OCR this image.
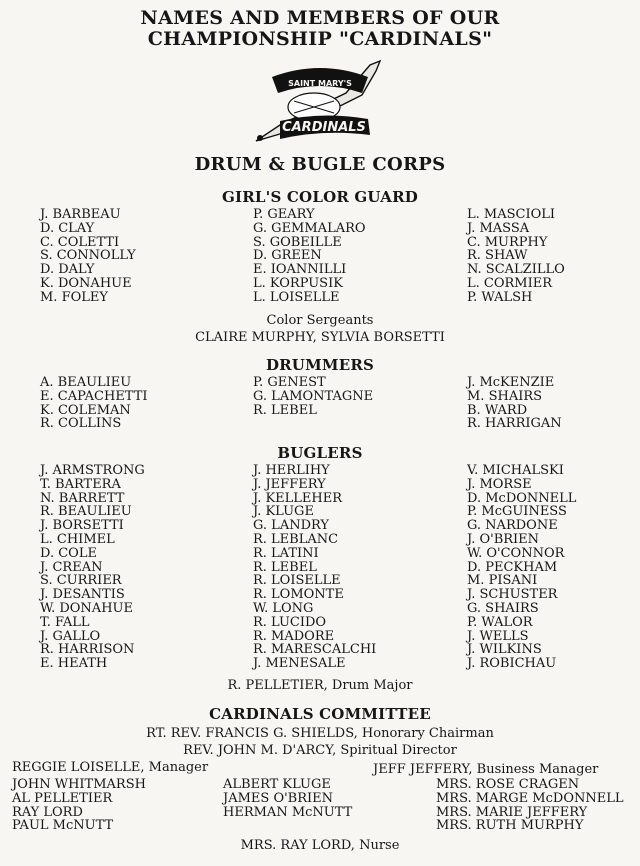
NAMES AND MEMBERS OF OUR
CHAMPIONSHIP "CARDINALS"
SAINT MARY'S
CARDINALS
DRUM & BUGLE CORPS
GIRL'S COLOR GUARD
J. BARBEAU
D. CLAY
C. COLETTI
S. CONNOLLY
D. DALY
K. DONAHUE
M. FOLEY
P. GEARY
G. GEMMALARO
S. GOBEILLE
D. GREEN
E. IOANNILLI
L. KORPUSIK
L. LOISELLE
L. MASCIOLI
J. MASSA
C. MURPHY
R. SHAW
N. SCALZILLO
L. CORMIER
P. WALSH
Color Sergeants
CLAIRE MURPHY, SYLVIA BORSETTI
DRUMMERS
A. BEAULIEU
E. CAPACHETTI
K. COLEMAN
R. COLLINS
P. GENEST
G. LAMONTAGNE
R. LEBEL
J. McKENZIE
M. SHAIRS
B. WARD
R. HARRIGAN
BUGLERS
J. ARMSTRONG
T. BARTERA
N. BARRETT
R. BEAULIEU
J. BORSETTI
L. CHIMEL
D. COLE
J. CREAN
S. CURRIER
J. DESANTIS
W. DONAHUE
T. FALL
J. GALLO
R. HARRISON
E. HEATH
J. HERLIHY
J. JEFFERY
J. KELLEHER
J. KLUGE
G. LANDRY
R. LEBLANC
R. LATINI
R. LEBEL
R. LOISELLE
R. LOMONTE
W. LONG
R. LUCIDO
R. MADORE
R. MARESCALCHI
J. MENESALE
V. MICHALSKI
J. MORSE
D. McDONNELL
P. McGUINESS
G. NARDONE
J. O'BRIEN
W. O'CONNOR
D. PECKHAM
M. PISANI
J. SCHUSTER
G. SHAIRS
P. WALOR
J. WELLS
J. WILKINS
J. ROBICHAU
R. PELLETIER, Drum Major
CARDINALS COMMITTEE
RT. REV. FRANCIS G. SHIELDS, Honorary Chairman
REV. JOHN M. D'ARCY, Spiritual Director
REGGIE LOISELLE, Manager	JEFF JEFFERY, Business Manager
JOHN WHITMARSH
AL PELLETIER
RAY LORD
PAUL McNUTT
ALBERT KLUGE
JAMES O'BRIEN
HERMAN McNUTT
MRS. ROSE CRAGEN
MRS. MARGE McDONNELL
MRS. MARIE JEFFERY
MRS. RUTH MURPHY
MRS. RAY LORD, Nurse
